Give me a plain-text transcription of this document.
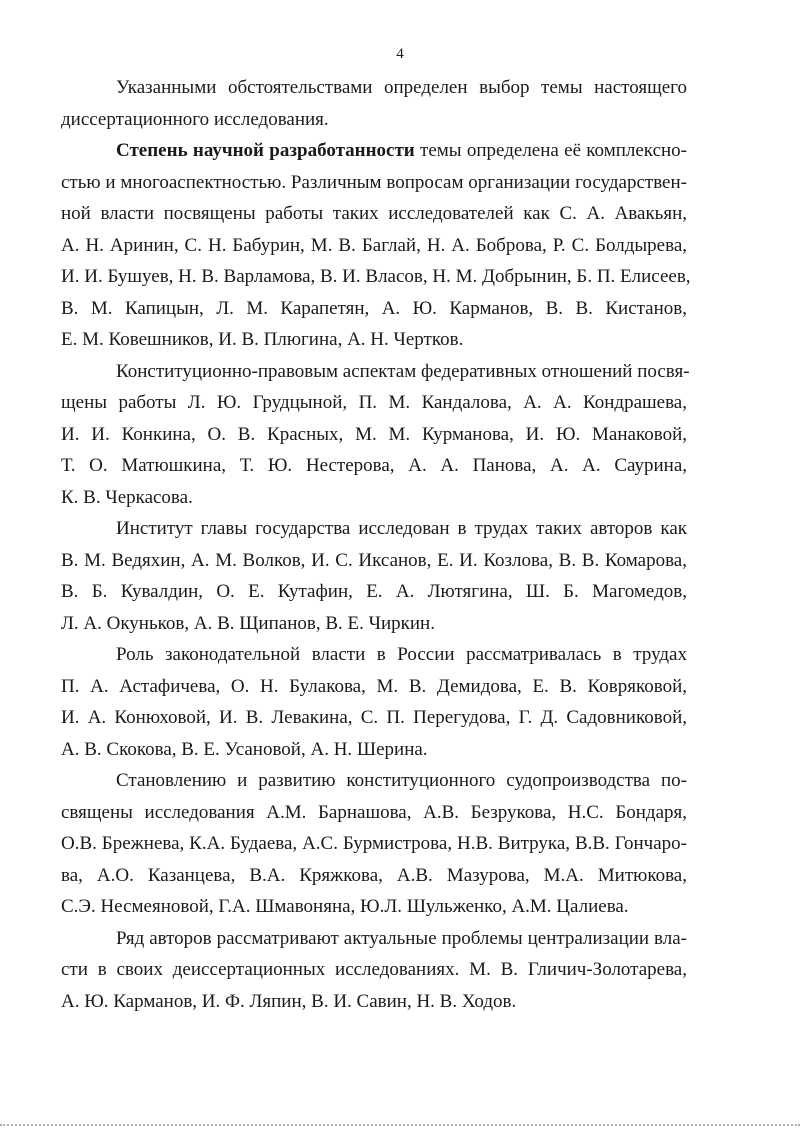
4
Указанными обстоятельствами определен выбор темы настоящего
диссертационного исследования.
Степень научной разработанности темы определена её комплексно-
стью и многоаспектностью. Различным вопросам организации государствен-
ной власти посвящены работы таких исследователей как С. А. Авакьян,
А. Н. Аринин, С. Н. Бабурин, М. В. Баглай, Н. А. Боброва, Р. С. Болдырева,
И. И. Бушуев, Н. В. Варламова, В. И. Власов, Н. М. Добрынин, Б. П. Елисеев,
В. М. Капицын, Л. М. Карапетян, А. Ю. Карманов, В. В. Кистанов,
Е. М. Ковешников, И. В. Плюгина, А. Н. Чертков.
Конституционно-правовым аспектам федеративных отношений посвя-
щены работы Л. Ю. Грудцыной, П. М. Кандалова, А. А. Кондрашева,
И. И. Конкина, О. В. Красных, М. М. Курманова, И. Ю. Манаковой,
Т. О. Матюшкина, Т. Ю. Нестерова, А. А. Панова, А. А. Саурина,
К. В. Черкасова.
Институт главы государства исследован в трудах таких авторов как
В. М. Ведяхин, А. М. Волков, И. С. Иксанов, Е. И. Козлова, В. В. Комарова,
В. Б. Кувалдин, О. Е. Кутафин, Е. А. Лютягина, Ш. Б. Магомедов,
Л. А. Окуньков, А. В. Щипанов, В. Е. Чиркин.
Роль законодательной власти в России рассматривалась в трудах
П. А. Астафичева, О. Н. Булакова, М. В. Демидова, Е. В. Ковряковой,
И. А. Конюховой, И. В. Левакина, С. П. Перегудова, Г. Д. Садовниковой,
А. В. Скокова, В. Е. Усановой, А. Н. Шерина.
Становлению и развитию конституционного судопроизводства по-
священы исследования А.М. Барнашова, А.В. Безрукова, Н.С. Бондаря,
О.В. Брежнева, К.А. Будаева, А.С. Бурмистрова, Н.В. Витрука, В.В. Гончаро-
ва, А.О. Казанцева, В.А. Кряжкова, А.В. Мазурова, М.А. Митюкова,
С.Э. Несмеяновой, Г.А. Шмавоняна, Ю.Л. Шульженко, А.М. Цалиева.
Ряд авторов рассматривают актуальные проблемы централизации вла-
сти в своих деиссертационных исследованиях. М. В. Гличич-Золотарева,
А. Ю. Карманов, И. Ф. Ляпин, В. И. Савин, Н. В. Ходов.
